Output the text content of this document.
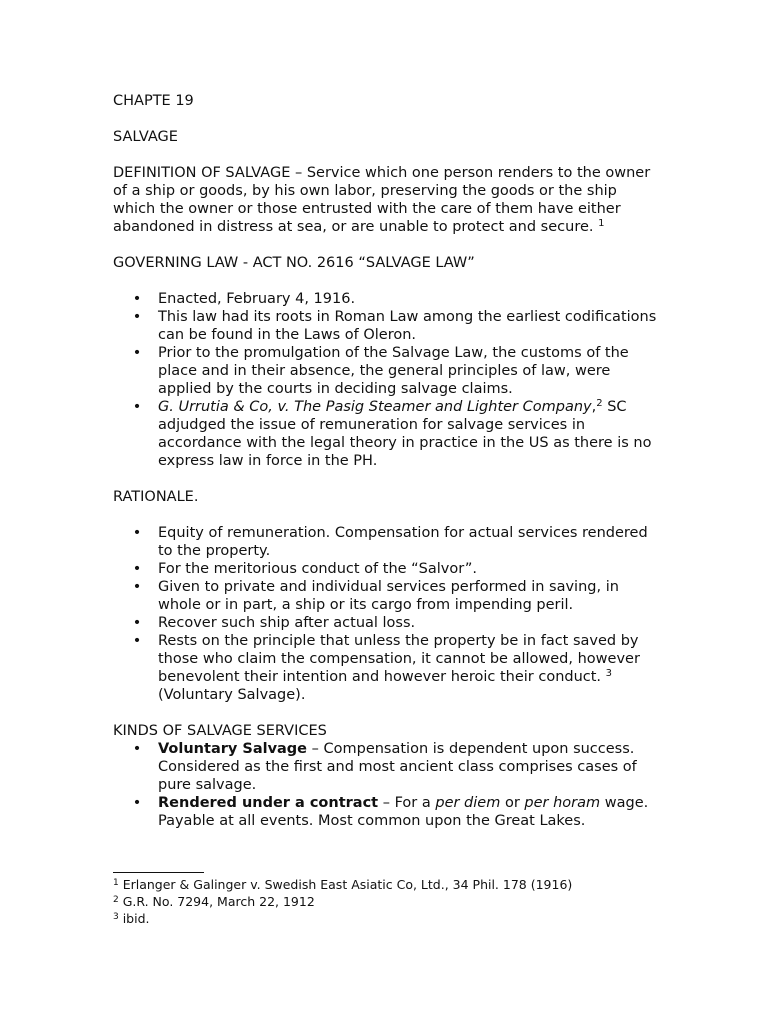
CHAPTE 19

SALVAGE

DEFINITION OF SALVAGE – Service which one person renders to the owner of a ship or goods, by his own labor, preserving the goods or the ship which the owner or those entrusted with the care of them have either abandoned in distress at sea, or are unable to protect and secure. $^1$

GOVERNING LAW - ACT NO. 2616 “SALVAGE LAW”

• Enacted, February 4, 1916.
• This law had its roots in Roman Law among the earliest codifications can be found in the Laws of Oleron.
• Prior to the promulgation of the Salvage Law, the customs of the place and in their absence, the general principles of law, were applied by the courts in deciding salvage claims.
• G. Urrutia & Co, v. The Pasig Steamer and Lighter Company,$^2$ SC adjudged the issue of remuneration for salvage services in accordance with the legal theory in practice in the US as there is no express law in force in the PH.

RATIONALE.

• Equity of remuneration. Compensation for actual services rendered to the property.
• For the meritorious conduct of the “Salvor”.
• Given to private and individual services performed in saving, in whole or in part, a ship or its cargo from impending peril.
• Recover such ship after actual loss.
• Rests on the principle that unless the property be in fact saved by those who claim the compensation, it cannot be allowed, however benevolent their intention and however heroic their conduct. $^3$ (Voluntary Salvage).

KINDS OF SALVAGE SERVICES

• Voluntary Salvage – Compensation is dependent upon success. Considered as the first and most ancient class comprises cases of pure salvage.
• Rendered under a contract – For a per diem or per horam wage. Payable at all events. Most common upon the Great Lakes.

$^1$ Erlanger & Galinger v. Swedish East Asiatic Co, Ltd., 34 Phil. 178 (1916)

$^2$ G.R. No. 7294, March 22, 1912

$^3$ ibid.
